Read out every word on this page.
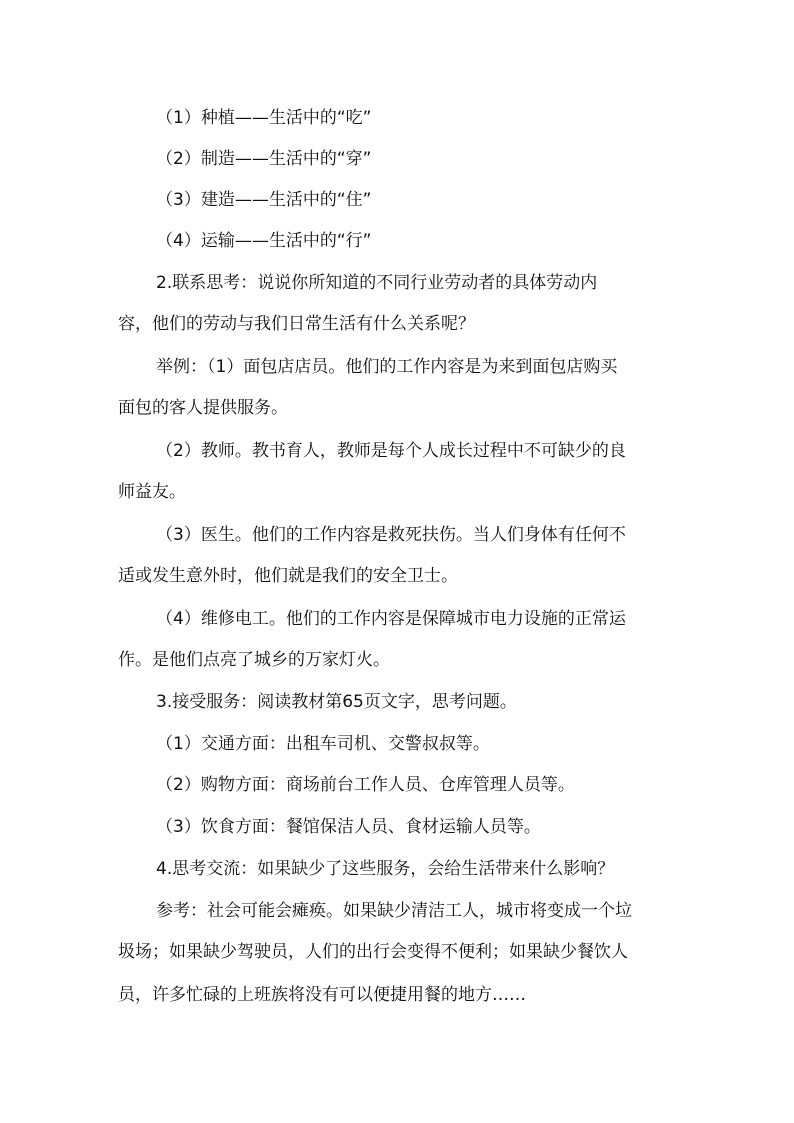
（1）种植——生活中的“吃”
（2）制造——生活中的“穿”
（3）建造——生活中的“住”
（4）运输——生活中的“行”
2.联系思考：说说你所知道的不同行业劳动者的具体劳动内
容，他们的劳动与我们日常生活有什么关系呢？
举例：（1）面包店店员。他们的工作内容是为来到面包店购买
面包的客人提供服务。
（2）教师。教书育人，教师是每个人成长过程中不可缺少的良
师益友。
（3）医生。他们的工作内容是救死扶伤。当人们身体有任何不
适或发生意外时，他们就是我们的安全卫士。
（4）维修电工。他们的工作内容是保障城市电力设施的正常运
作。是他们点亮了城乡的万家灯火。
3.接受服务：阅读教材第65页文字，思考问题。
（1）交通方面：出租车司机、交警叔叔等。
（2）购物方面：商场前台工作人员、仓库管理人员等。
（3）饮食方面：餐馆保洁人员、食材运输人员等。
4.思考交流：如果缺少了这些服务，会给生活带来什么影响？
参考：社会可能会瘫痪。如果缺少清洁工人，城市将变成一个垃
圾场；如果缺少驾驶员，人们的出行会变得不便利；如果缺少餐饮人
员，许多忙碌的上班族将没有可以便捷用餐的地方……
